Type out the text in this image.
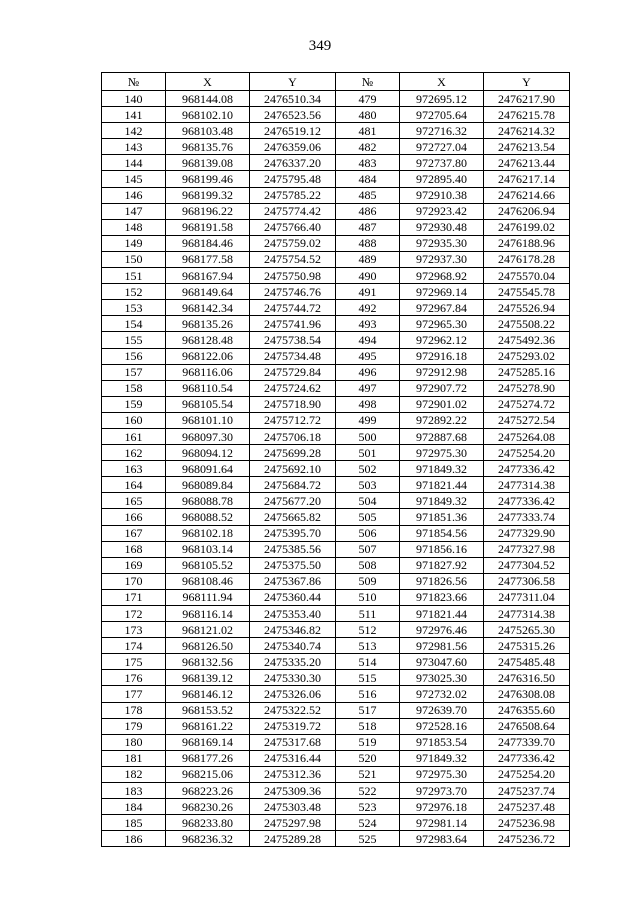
349
№	X	Y	№	X	Y
140	968144.08	2476510.34	479	972695.12	2476217.90
141	968102.10	2476523.56	480	972705.64	2476215.78
142	968103.48	2476519.12	481	972716.32	2476214.32
143	968135.76	2476359.06	482	972727.04	2476213.54
144	968139.08	2476337.20	483	972737.80	2476213.44
145	968199.46	2475795.48	484	972895.40	2476217.14
146	968199.32	2475785.22	485	972910.38	2476214.66
147	968196.22	2475774.42	486	972923.42	2476206.94
148	968191.58	2475766.40	487	972930.48	2476199.02
149	968184.46	2475759.02	488	972935.30	2476188.96
150	968177.58	2475754.52	489	972937.30	2476178.28
151	968167.94	2475750.98	490	972968.92	2475570.04
152	968149.64	2475746.76	491	972969.14	2475545.78
153	968142.34	2475744.72	492	972967.84	2475526.94
154	968135.26	2475741.96	493	972965.30	2475508.22
155	968128.48	2475738.54	494	972962.12	2475492.36
156	968122.06	2475734.48	495	972916.18	2475293.02
157	968116.06	2475729.84	496	972912.98	2475285.16
158	968110.54	2475724.62	497	972907.72	2475278.90
159	968105.54	2475718.90	498	972901.02	2475274.72
160	968101.10	2475712.72	499	972892.22	2475272.54
161	968097.30	2475706.18	500	972887.68	2475264.08
162	968094.12	2475699.28	501	972975.30	2475254.20
163	968091.64	2475692.10	502	971849.32	2477336.42
164	968089.84	2475684.72	503	971821.44	2477314.38
165	968088.78	2475677.20	504	971849.32	2477336.42
166	968088.52	2475665.82	505	971851.36	2477333.74
167	968102.18	2475395.70	506	971854.56	2477329.90
168	968103.14	2475385.56	507	971856.16	2477327.98
169	968105.52	2475375.50	508	971827.92	2477304.52
170	968108.46	2475367.86	509	971826.56	2477306.58
171	968111.94	2475360.44	510	971823.66	2477311.04
172	968116.14	2475353.40	511	971821.44	2477314.38
173	968121.02	2475346.82	512	972976.46	2475265.30
174	968126.50	2475340.74	513	972981.56	2475315.26
175	968132.56	2475335.20	514	973047.60	2475485.48
176	968139.12	2475330.30	515	973025.30	2476316.50
177	968146.12	2475326.06	516	972732.02	2476308.08
178	968153.52	2475322.52	517	972639.70	2476355.60
179	968161.22	2475319.72	518	972528.16	2476508.64
180	968169.14	2475317.68	519	971853.54	2477339.70
181	968177.26	2475316.44	520	971849.32	2477336.42
182	968215.06	2475312.36	521	972975.30	2475254.20
183	968223.26	2475309.36	522	972973.70	2475237.74
184	968230.26	2475303.48	523	972976.18	2475237.48
185	968233.80	2475297.98	524	972981.14	2475236.98
186	968236.32	2475289.28	525	972983.64	2475236.72
